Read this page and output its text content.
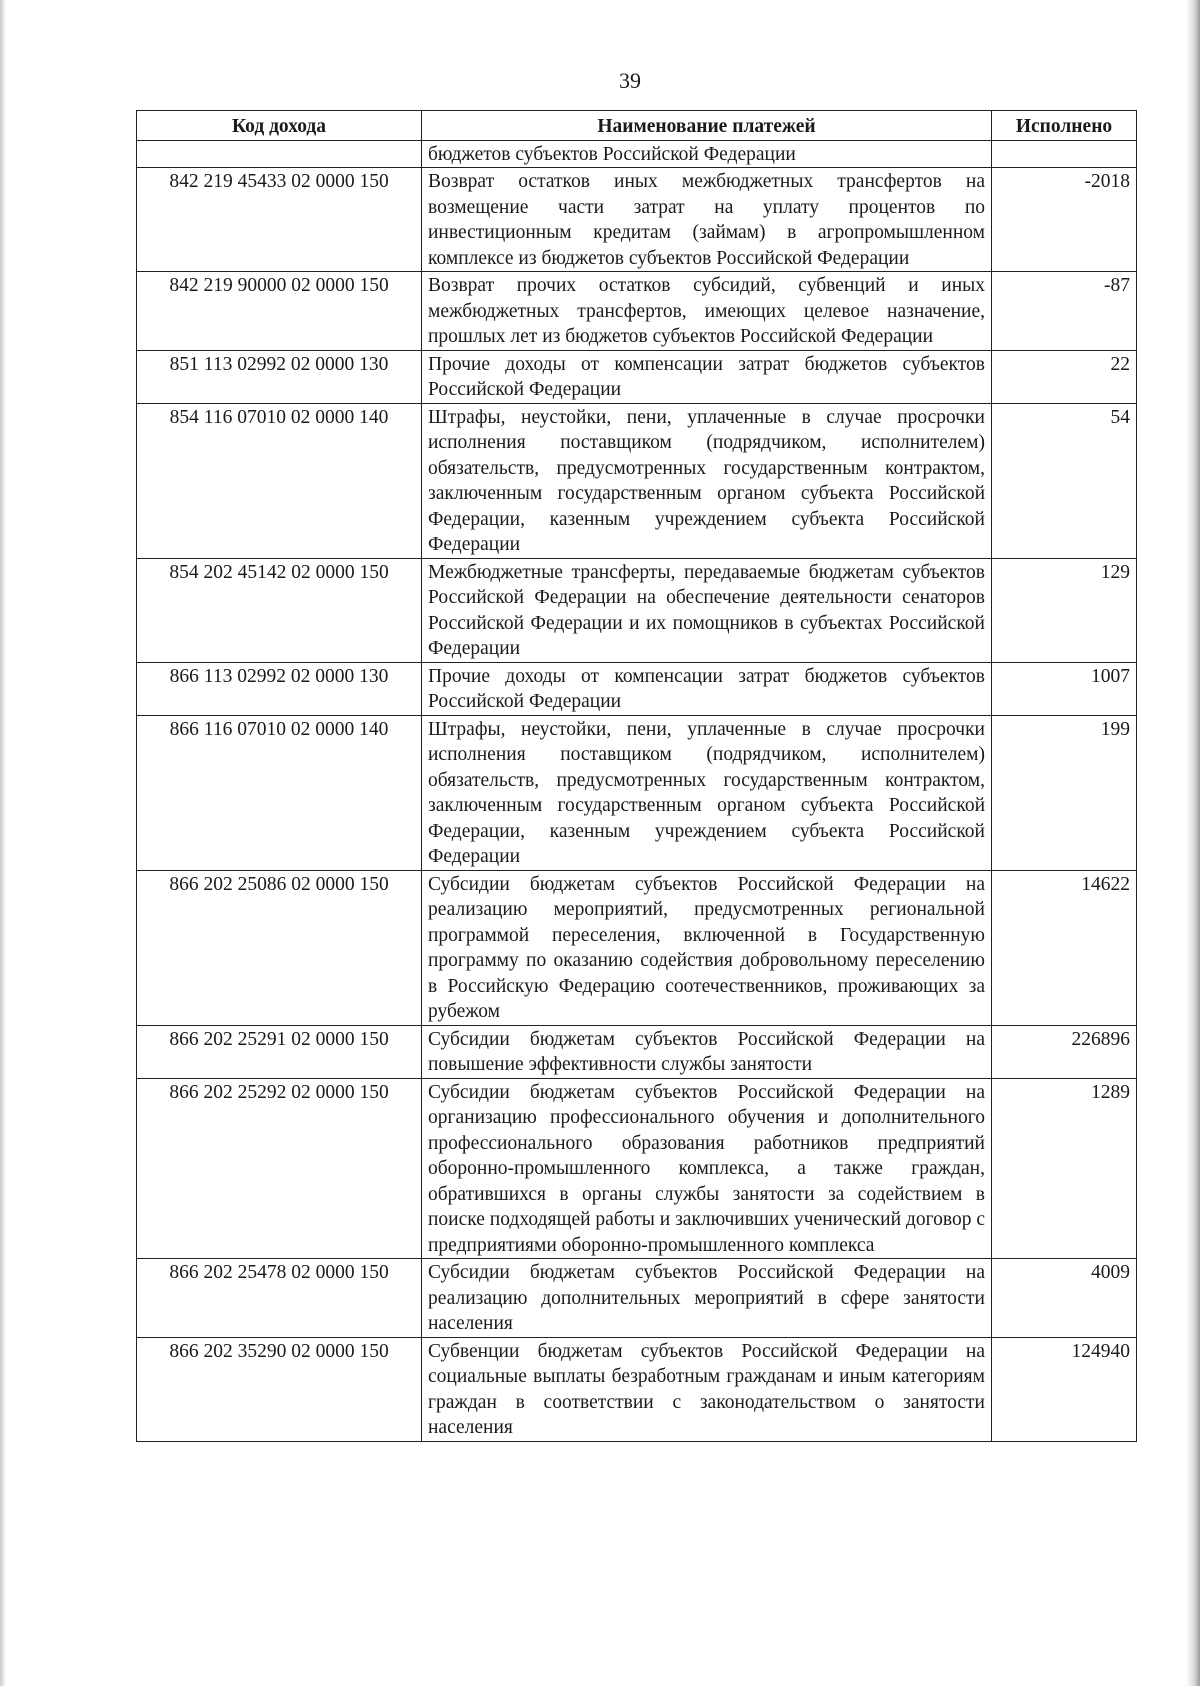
39
Код дохода	Наименование платежей	Исполнено
	бюджетов субъектов Российской Федерации	
842 219 45433 02 0000 150	Возврат остатков иных межбюджетных трансфертов на возмещение части затрат на уплату процентов по инвестиционным кредитам (займам) в агропромышленном комплексе из бюджетов субъектов Российской Федерации	-2018
842 219 90000 02 0000 150	Возврат прочих остатков субсидий, субвенций и иных межбюджетных трансфертов, имеющих целевое назначение, прошлых лет из бюджетов субъектов Российской Федерации	-87
851 113 02992 02 0000 130	Прочие доходы от компенсации затрат бюджетов субъектов Российской Федерации	22
854 116 07010 02 0000 140	Штрафы, неустойки, пени, уплаченные в случае просрочки исполнения поставщиком (подрядчиком, исполнителем) обязательств, предусмотренных государственным контрактом, заключенным государственным органом субъекта Российской Федерации, казенным учреждением субъекта Российской Федерации	54
854 202 45142 02 0000 150	Межбюджетные трансферты, передаваемые бюджетам субъектов Российской Федерации на обеспечение деятельности сенаторов Российской Федерации и их помощников в субъектах Российской Федерации	129
866 113 02992 02 0000 130	Прочие доходы от компенсации затрат бюджетов субъектов Российской Федерации	1007
866 116 07010 02 0000 140	Штрафы, неустойки, пени, уплаченные в случае просрочки исполнения поставщиком (подрядчиком, исполнителем) обязательств, предусмотренных государственным контрактом, заключенным государственным органом субъекта Российской Федерации, казенным учреждением субъекта Российской Федерации	199
866 202 25086 02 0000 150	Субсидии бюджетам субъектов Российской Федерации на реализацию мероприятий, предусмотренных региональной программой переселения, включенной в Государственную программу по оказанию содействия добровольному переселению в Российскую Федерацию соотечественников, проживающих за рубежом	14622
866 202 25291 02 0000 150	Субсидии бюджетам субъектов Российской Федерации на повышение эффективности службы занятости	226896
866 202 25292 02 0000 150	Субсидии бюджетам субъектов Российской Федерации на организацию профессионального обучения и дополнительного профессионального образования работников предприятий оборонно-промышленного комплекса, а также граждан, обратившихся в органы службы занятости за содействием в поиске подходящей работы и заключивших ученический договор с предприятиями оборонно-промышленного комплекса	1289
866 202 25478 02 0000 150	Субсидии бюджетам субъектов Российской Федерации на реализацию дополнительных мероприятий в сфере занятости населения	4009
866 202 35290 02 0000 150	Субвенции бюджетам субъектов Российской Федерации на социальные выплаты безработным гражданам и иным категориям граждан в соответствии с законодательством о занятости населения	124940
